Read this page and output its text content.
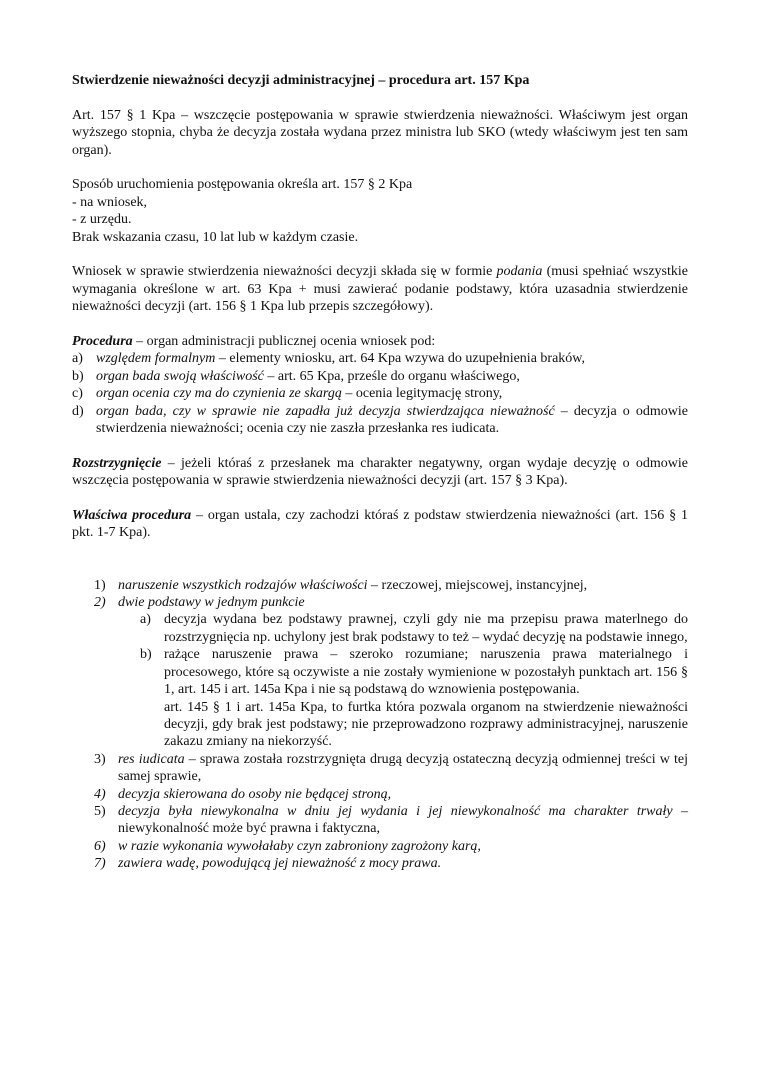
Stwierdzenie nieważności decyzji administracyjnej – procedura art. 157 Kpa

Art. 157 § 1 Kpa – wszczęcie postępowania w sprawie stwierdzenia nieważności. Właściwym jest organ wyższego stopnia, chyba że decyzja została wydana przez ministra lub SKO (wtedy właściwym jest ten sam organ).

Sposób uruchomienia postępowania określa art. 157 § 2 Kpa

- na wniosek,

- z urzędu.

Brak wskazania czasu, 10 lat lub w każdym czasie.

Wniosek w sprawie stwierdzenia nieważności decyzji składa się w formie podania (musi spełniać wszystkie wymagania określone w art. 63 Kpa + musi zawierać podanie podstawy, która uzasadnia stwierdzenie nieważności decyzji (art. 156 § 1 Kpa lub przepis szczegółowy).

Procedura – organ administracji publicznej ocenia wniosek pod:

a) względem formalnym – elementy wniosku, art. 64 Kpa wzywa do uzupełnienia braków,
b) organ bada swoją właściwość – art. 65 Kpa, prześle do organu właściwego,
c) organ ocenia czy ma do czynienia ze skargą – ocenia legitymację strony,
d) organ bada, czy w sprawie nie zapadła już decyzja stwierdzająca nieważność – decyzja o odmowie stwierdzenia nieważności; ocenia czy nie zaszła przesłanka res iudicata.

Rozstrzygnięcie – jeżeli któraś z przesłanek ma charakter negatywny, organ wydaje decyzję o odmowie wszczęcia postępowania w sprawie stwierdzenia nieważności decyzji (art. 157 § 3 Kpa).

Właściwa procedura – organ ustala, czy zachodzi któraś z podstaw stwierdzenia nieważności (art. 156 § 1 pkt. 1-7 Kpa).

1) naruszenie wszystkich rodzajów właściwości – rzeczowej, miejscowej, instancyjnej,
2) dwie podstawy w jednym punkcie
a) decyzja wydana bez podstawy prawnej, czyli gdy nie ma przepisu prawa materlnego do rozstrzygnięcia np. uchylony jest brak podstawy to też – wydać decyzję na podstawie innego,
b) rażące naruszenie prawa – szeroko rozumiane; naruszenia prawa materialnego i procesowego, które są oczywiste a nie zostały wymienione w pozostałyh punktach art. 156 § 1, art. 145 i art. 145a Kpa i nie są podstawą do wznowienia postępowania.

art. 145 § 1 i art. 145a Kpa, to furtka która pozwala organom na stwierdzenie nieważności decyzji, gdy brak jest podstawy; nie przeprowadzono rozprawy administracyjnej, naruszenie zakazu zmiany na niekorzyść.

3) res iudicata – sprawa została rozstrzygnięta drugą decyzją ostateczną decyzją odmiennej treści w tej samej sprawie,
4) decyzja skierowana do osoby nie będącej stroną,
5) decyzja była niewykonalna w dniu jej wydania i jej niewykonalność ma charakter trwały – niewykonalność może być prawna i faktyczna,
6) w razie wykonania wywołałaby czyn zabroniony zagrożony karą,
7) zawiera wadę, powodującą jej nieważność z mocy prawa.
